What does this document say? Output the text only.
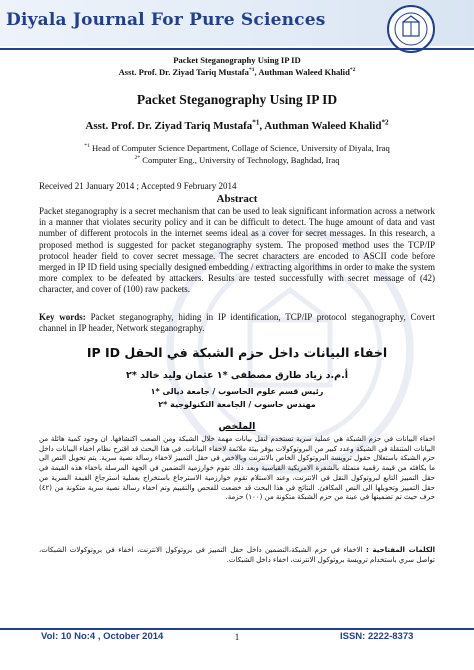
Diyala Journal For Pure Sciences
Packet Steganography Using IP ID
Asst. Prof. Dr. Ziyad Tariq Mustafa$^{*1}$, Authman Waleed Khalid$^{*2}$
Packet Steganography Using IP ID
Asst. Prof. Dr. Ziyad Tariq Mustafa$^{*1}$, Authman Waleed Khalid$^{*2}$
$^{*1}$ Head of Computer Science Department, Collage of Science, University of Diyala, Iraq
$^{2*}$ Computer Eng., University of Technology, Baghdad, Iraq
Received 21 January 2014 ; Accepted 9 February 2014
Abstract
Packet steganography is a secret mechanism that can be used to leak significant information across a network in a manner that violates security policy and it can be difficult to detect. The huge amount of data and vast number of different protocols in the internet seems ideal as a cover for secret messages. In this research, a proposed method is suggested for packet steganography system. The proposed method uses the TCP/IP protocol header field to cover secret message. The secret characters are encoded to ASCII code before merged in IP ID field using specially designed embedding / extracting algorithms in order to make the system more complex to be defeated by attackers. Results are tested successfully with secret message of (42) character, and cover of (100) raw packets.
Key words: Packet steganography, hiding in IP identification, TCP/IP protocol steganography, Covert channel in IP header, Network steganography.
اخفاء البيانات داخل حزم الشبكة في الحقل IP ID
أ.م.د زياد طارق مصطفى *١ عثمان وليد خالد *٢
رئيس قسم علوم الحاسوب / جامعة ديالى *١
مهندس حاسوب / الجامعة التكنولوجية *٢
الملخص
اخفاء البيانات في حزم الشبكة هي عملية سرية تستخدم لنقل بيانات مهمة خلال الشبكة ومن الصعب اكتشافها. ان وجود كمية هائلة من البيانات المتنقلة في الشبكة وعدد كبير من البروتوكولات يوفر بيئة ملائمة لاخفاء البيانات. في هذا البحث قد اقترح نظام اخفاء البيانات داخل حزم الشبكة باستغلال حقول ترويسة البروتوكول الخاص بالانترنت وبالاخص في حقل التمييز لاخفاء رسالة نصية سرية. يتم تحويل النص الى ما يكافئه من قيمة رقمية متمثلة بالشفرة الامريكية القياسية وبعد ذلك تقوم خوارزمية التضمين في الجهة المرسلة باخفاء هذه القيمة في حقل التمييز التابع لبروتوكول النقل في الانترنت، وعند الاستلام تقوم خوارزمية الاسترجاع باستخراج بعملية استرجاع القيمة السرية من حقل التمييز وتحويلها الى النص المكافئ. النتائج في هذا البحث قد خضعت للفحص والتقييم وتم اخفاء رسالة نصية سرية متكونة من (٤٢) حرف حيث تم تضمينها في عينة من حزم الشبكة متكونة من (١٠٠) حزمة.
الكلمات المفتاحية : الاخفاء في حزم الشبكة،التضمين داخل حقل التمييز في بروتوكول الانترنت، اخفاء في بروتوكولات الشبكات، تواصل سري باستخدام ترويسة بروتوكول الانترنت، اخفاء داخل الشبكات.
Vol: 10 No:4 , October 2014	1	ISSN: 2222-8373
